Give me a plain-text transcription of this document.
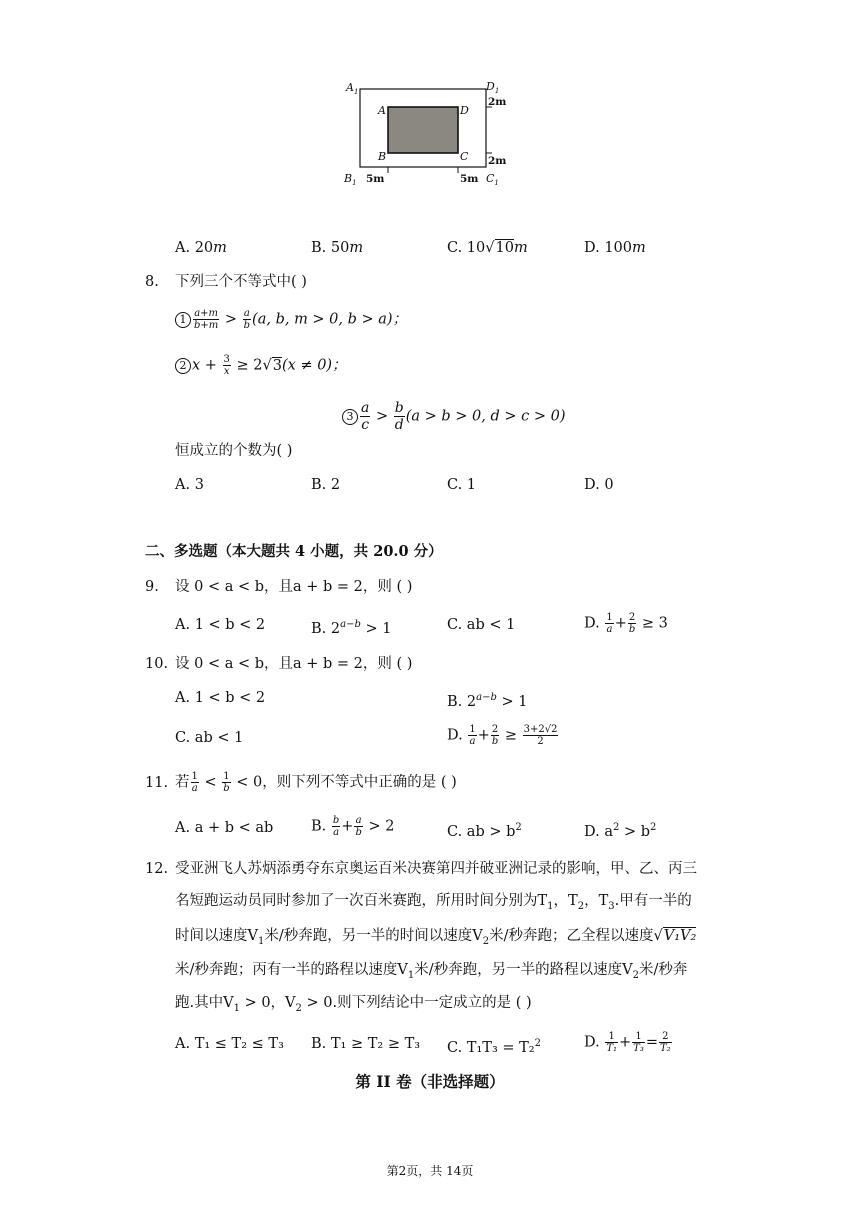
$A_1$	$D_1$
$B_1$	$C_1$
A	D
B	C
2m
2m
5m	5m
A. 20m	B. 50m	C. 10√10m	D. 100m
8. 下列三个不等式中( )
$1 \frac{a+m}{b+m} > \frac{a}{b} (a$, b, m > 0, b > a)；
2 $x + \frac{3}{x} \ge 2√3(x \ne 0)$；
$3 \frac{a}{c} > \frac{b}{d} (a > b > 0$, d > c > 0)
恒成立的个数为( )
A. 3	B. 2	C. 1	D. 0
二、多选题（本大题共 4 小题，共 20.0 分）
9. 设 0 < a < b，且a + b = 2，则 ( )
A. 1 < b < 2	B. $2^{a-b} > 1$	C. ab < 1	D. $\frac{1}{a} + \frac{2}{b} \ge 3$
10. 设 0 < a < b，且a + b = 2，则 ( )
A. 1 < b < 2	B. $2^{a-b} > 1$
C. ab < 1	D. $\frac{1}{a} + \frac{2}{b} \ge \frac{3+2√2}{2}$
11. 若 $\frac{1}{a} < \frac{1}{b} < 0$，则下列不等式中正确的是 ( )
A. a + b < ab	B. $\frac{b}{a} + \frac{a}{b} > 2$	C. ab > $b^2$	D. $a^2 > b^2$
12. 受亚洲飞人苏炳添勇夺东京奥运百米决赛第四并破亚洲记录的影响，甲、乙、丙三
名短跑运动员同时参加了一次百米赛跑，所用时间分别为$T_1$，$T_2$，$T_3$.甲有一半的
时间以速度$V_1$米/秒奔跑，另一半的时间以速度$V_2$米/秒奔跑；乙全程以速度√V₁V₂
米/秒奔跑；丙有一半的路程以速度$V_1$米/秒奔跑，另一半的路程以速度$V_2$米/秒奔
跑.其中$V_1 > 0$，$V_2 > 0$.则下列结论中一定成立的是 ( )
A. T₁ ≤ T₂ ≤ T₃ B. T₁ ≥ T₂ ≥ T₃ C. T₁T₃ = T₂$^2$	D. $\frac{1}{\text{T₁}} + \frac{1}{\text{T₃}} = \frac{2}{\text{T₂}}$
第 II 卷（非选择题）
第2页，共 14页
